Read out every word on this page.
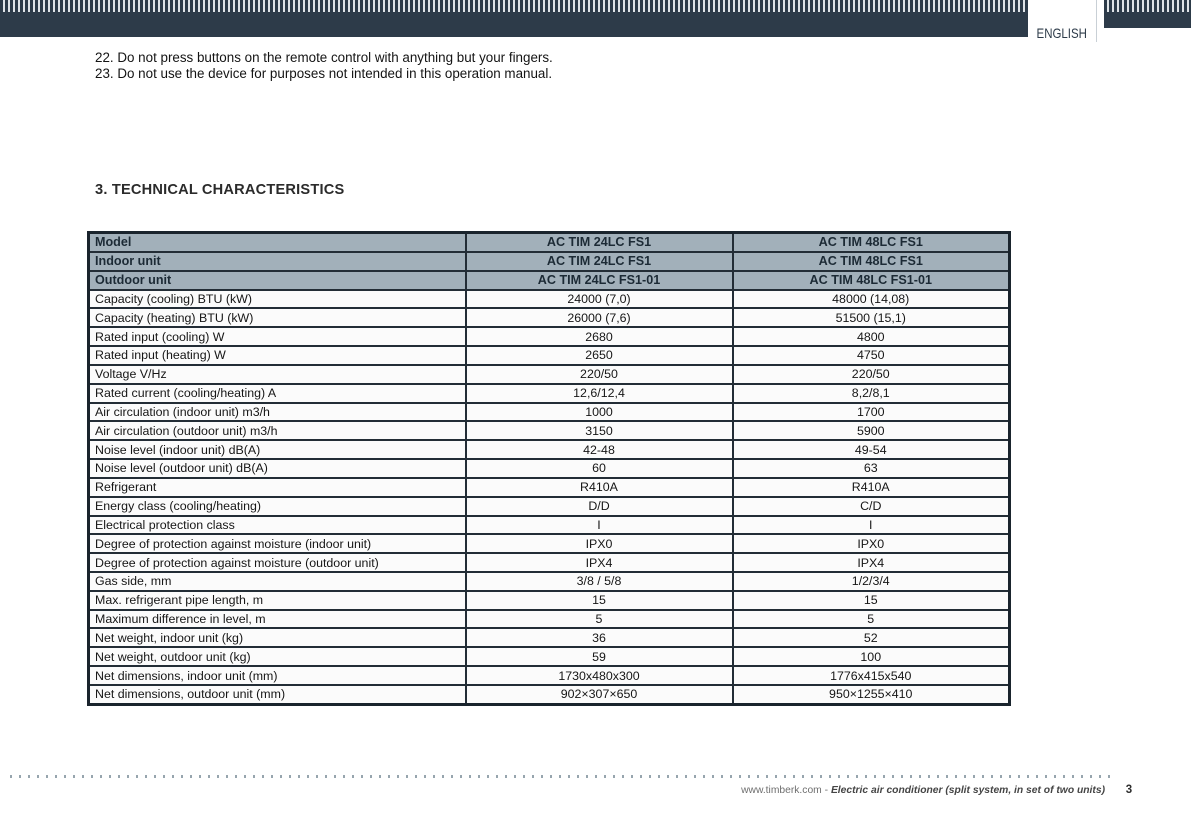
ENGLISH
22. Do not press buttons on the remote control with anything but your fingers.
23. Do not use the device for purposes not intended in this operation manual.
3. TECHNICAL CHARACTERISTICS
Model	AC TIM 24LC FS1	AC TIM 48LC FS1
Indoor unit	AC TIM 24LC FS1	AC TIM 48LC FS1
Outdoor unit	AC TIM 24LC FS1-01	AC TIM 48LC FS1-01
Capacity (cooling) BTU (kW)	24000 (7,0)	48000 (14,08)
Capacity (heating) BTU (kW)	26000 (7,6)	51500 (15,1)
Rated input (cooling) W	2680	4800
Rated input (heating) W	2650	4750
Voltage V/Hz	220/50	220/50
Rated current (cooling/heating) A	12,6/12,4	8,2/8,1
Air circulation (indoor unit) m3/h	1000	1700
Air circulation (outdoor unit) m3/h	3150	5900
Noise level (indoor unit) dB(A)	42-48	49-54
Noise level (outdoor unit) dB(A)	60	63
Refrigerant	R410A	R410A
Energy class (cooling/heating)	D/D	C/D
Electrical protection class	I	I
Degree of protection against moisture (indoor unit)	IPX0	IPX0
Degree of protection against moisture (outdoor unit)	IPX4	IPX4
Gas side, mm	3/8 / 5/8	1/2/3/4
Max. refrigerant pipe length, m	15	15
Maximum difference in level, m	5	5
Net weight, indoor unit (kg)	36	52
Net weight, outdoor unit (kg)	59	100
Net dimensions, indoor unit (mm)	1730x480x300	1776x415x540
Net dimensions, outdoor unit (mm)	902×307×650	950×1255×410
www.timberk.com - Electric air conditioner (split system, in set of two units)	3
